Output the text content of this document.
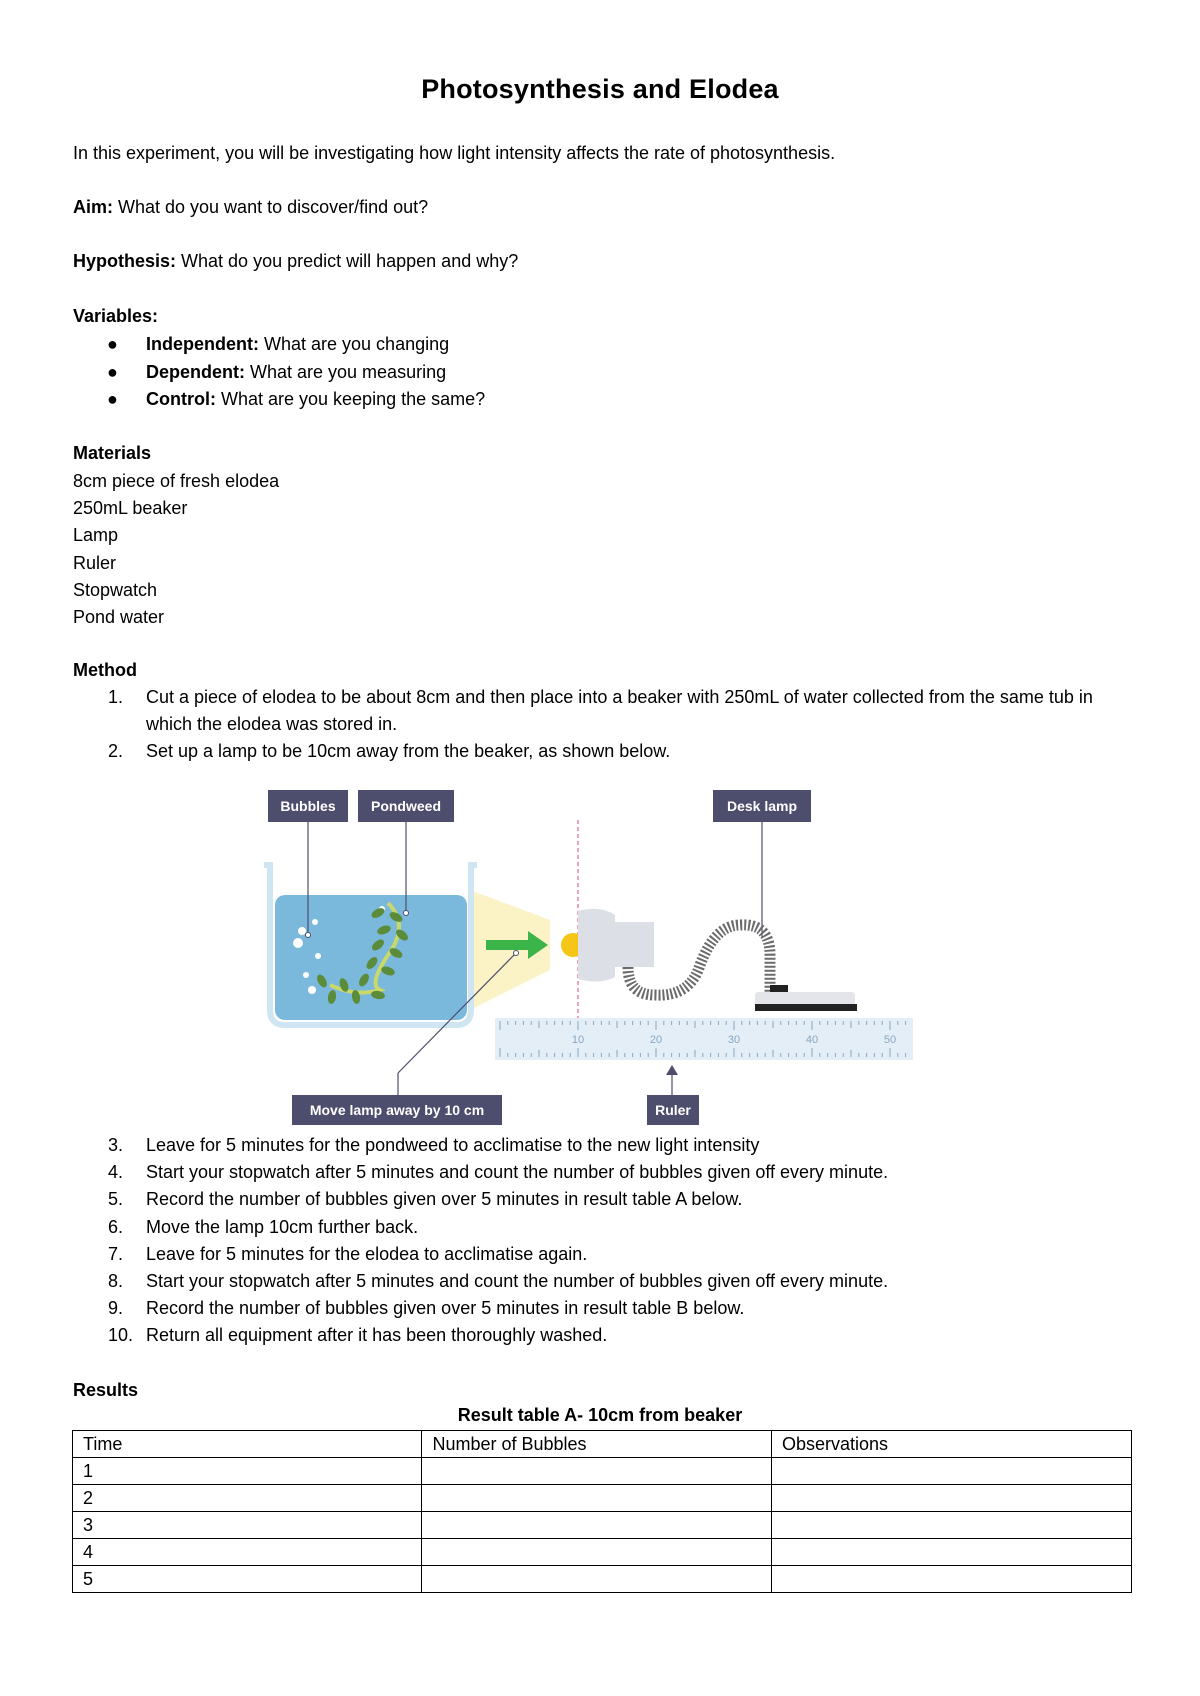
Photosynthesis and Elodea
In this experiment, you will be investigating how light intensity affects the rate of photosynthesis.
Aim: What do you want to discover/find out?
Hypothesis: What do you predict will happen and why?
Variables:
● Independent: What are you changing
● Dependent: What are you measuring
● Control: What are you keeping the same?
Materials
8cm piece of fresh elodea
250mL beaker
Lamp
Ruler
Stopwatch
Pond water
Method
1. Cut a piece of elodea to be about 8cm and then place into a beaker with 250mL of water collected from the same tub in which the elodea was stored in.
2. Set up a lamp to be 10cm away from the beaker, as shown below.
Bubbles	Pondweed	Desk lamp
10	20	30	40	50
Move lamp away by 10 cm	Ruler
3. Leave for 5 minutes for the pondweed to acclimatise to the new light intensity
4. Start your stopwatch after 5 minutes and count the number of bubbles given off every minute.
5. Record the number of bubbles given over 5 minutes in result table A below.
6. Move the lamp 10cm further back.
7. Leave for 5 minutes for the elodea to acclimatise again.
8. Start your stopwatch after 5 minutes and count the number of bubbles given off every minute.
9. Record the number of bubbles given over 5 minutes in result table B below.
10. Return all equipment after it has been thoroughly washed.
Results
Result table A- 10cm from beaker
Time	Number of Bubbles	Observations
1		
2		
3		
4		
5		
